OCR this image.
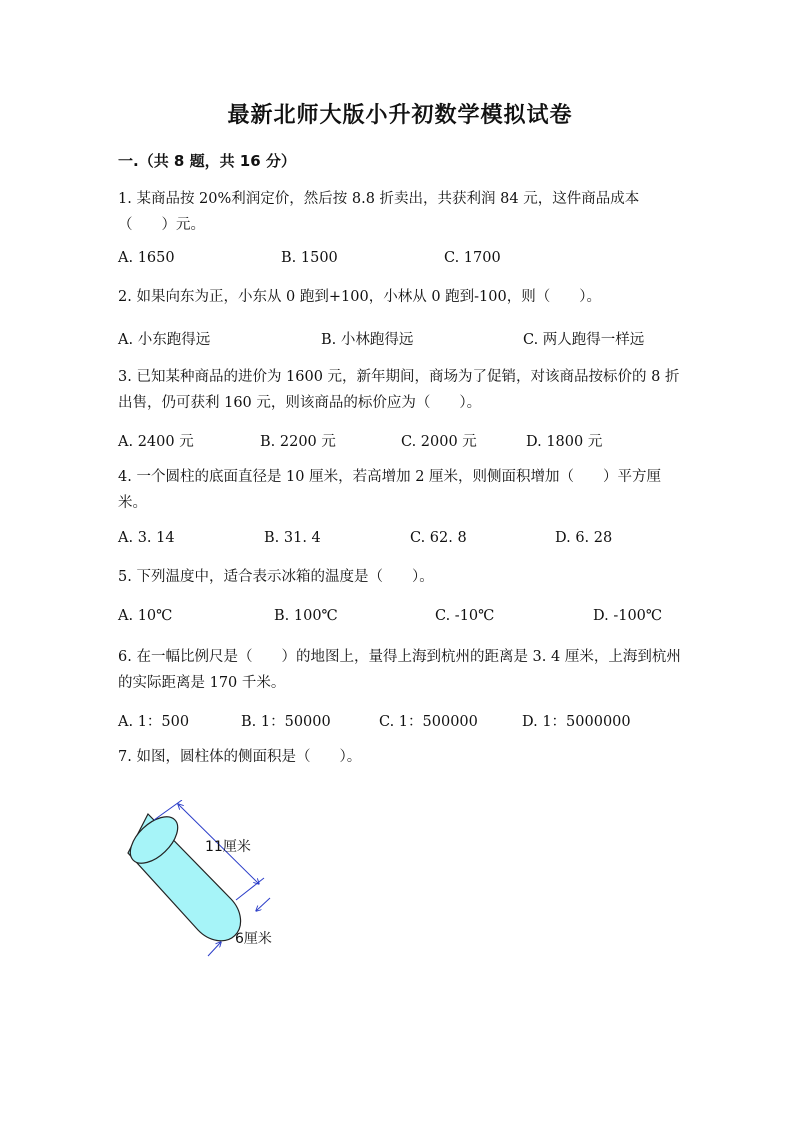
最新北师大版小升初数学模拟试卷
一.（共 8 题，共 16 分）
1. 某商品按 20%利润定价，然后按 8.8 折卖出，共获利润 84 元，这件商品成本（　　）元。
A. 1650	B. 1500	C. 1700
2. 如果向东为正，小东从 0 跑到+100，小林从 0 跑到-100，则（　　）。
A. 小东跑得远	B. 小林跑得远	C. 两人跑得一样远
3. 已知某种商品的进价为 1600 元，新年期间，商场为了促销，对该商品按标价的 8 折出售，仍可获利 160 元，则该商品的标价应为（　　）。
A. 2400 元	B. 2200 元	C. 2000 元	D. 1800 元
4. 一个圆柱的底面直径是 10 厘米，若高增加 2 厘米，则侧面积增加（　　）平方厘米。
A. 3. 14	B. 31. 4	C. 62. 8	D. 6. 28
5. 下列温度中，适合表示冰箱的温度是（　　）。
A. 10℃	B. 100℃	C. -10℃	D. -100℃
6. 在一幅比例尺是（　　）的地图上，量得上海到杭州的距离是 3. 4 厘米，上海到杭州的实际距离是 170 千米。
A. 1：500	B. 1：50000	C. 1：500000	D. 1：5000000
7. 如图，圆柱体的侧面积是（　　）。
11厘米
6厘米
